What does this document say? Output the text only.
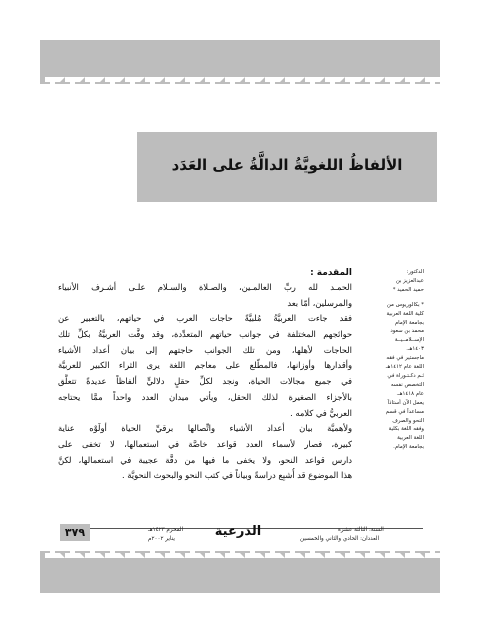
الألفاظُ اللغويَّةُ الدالَّةُ على العَدَد

الدكتور:

عبدالعزيز بن

حميد الحميد *

* بكالوريوس من

كلية اللغة العربية

بجامعة الإمام

محمد بن سعود

الإســلامــيــة

١٤٠٣هـ.

ماجستير في فقه

اللغة عام ١٤١٢هـ

ثـم دكـتـوراة في

التخصص نفسه

عام ١٤١٨هـ.

يعمل الآن أستاذاً

مساعداً في قسم

النحو والصرف

وفقه اللغة بكلية

اللغة العربية

بجامعة الإمام.

المقدمة :
الحمـد لله ربِّ العالمـين، والصـلاة والسـلام علـى أشـرف الأنبياء
والمرسلين، أمّا بعد
فقد جاءت العربيَّةُ مُلبيَّةً حاجات العرب في حياتهم، بالتعبير عن
حوائجهم المختلفة في جوانب حياتهم المتعدِّدة، وقد وفَّت العربيَّةُ بكلِّ تلك
الحاجات لأهلها، ومن تلك الجوانب حاجتهم إلى بيان أعداد الأشياء
وأقدارها وأوزانها، فالمطّلع على معاجم اللغة يرى الثراء الكبير للعربيَّة
في جميع مجالات الحياة، ونجد لكلِّ حقلٍ دلاليٍّ ألفاظاً عديدةً تتعلَّق
بالأجزاء الصغيرة لذلك الحقل، ويأتي ميدان العدد واحداً ممَّا يحتاجه
العربيُّ في كلامه .
ولأهميَّة بيان أعداد الأشياء واتِّصالها برقيِّ الحياة أولَوْه عناية
كبيرة، فصار لأسماء العدد قواعد خاصَّة في استعمالها، لا تخفى على
دارس قواعد النحو، ولا يخفى ما فيها من دقَّة عجيبة في استعمالها، لكنَّ
هذا الموضوع قد أُشبِع دراسةً وبياناً في كتب النحو والبحوث النحويَّة .
٣٧٩	المحرم ١٤٢٣هـ
يناير ٢٠٠٢م	الدرعية	السنة: الثالثة عشرة
العددان: الحادي والثاني والخمسين
